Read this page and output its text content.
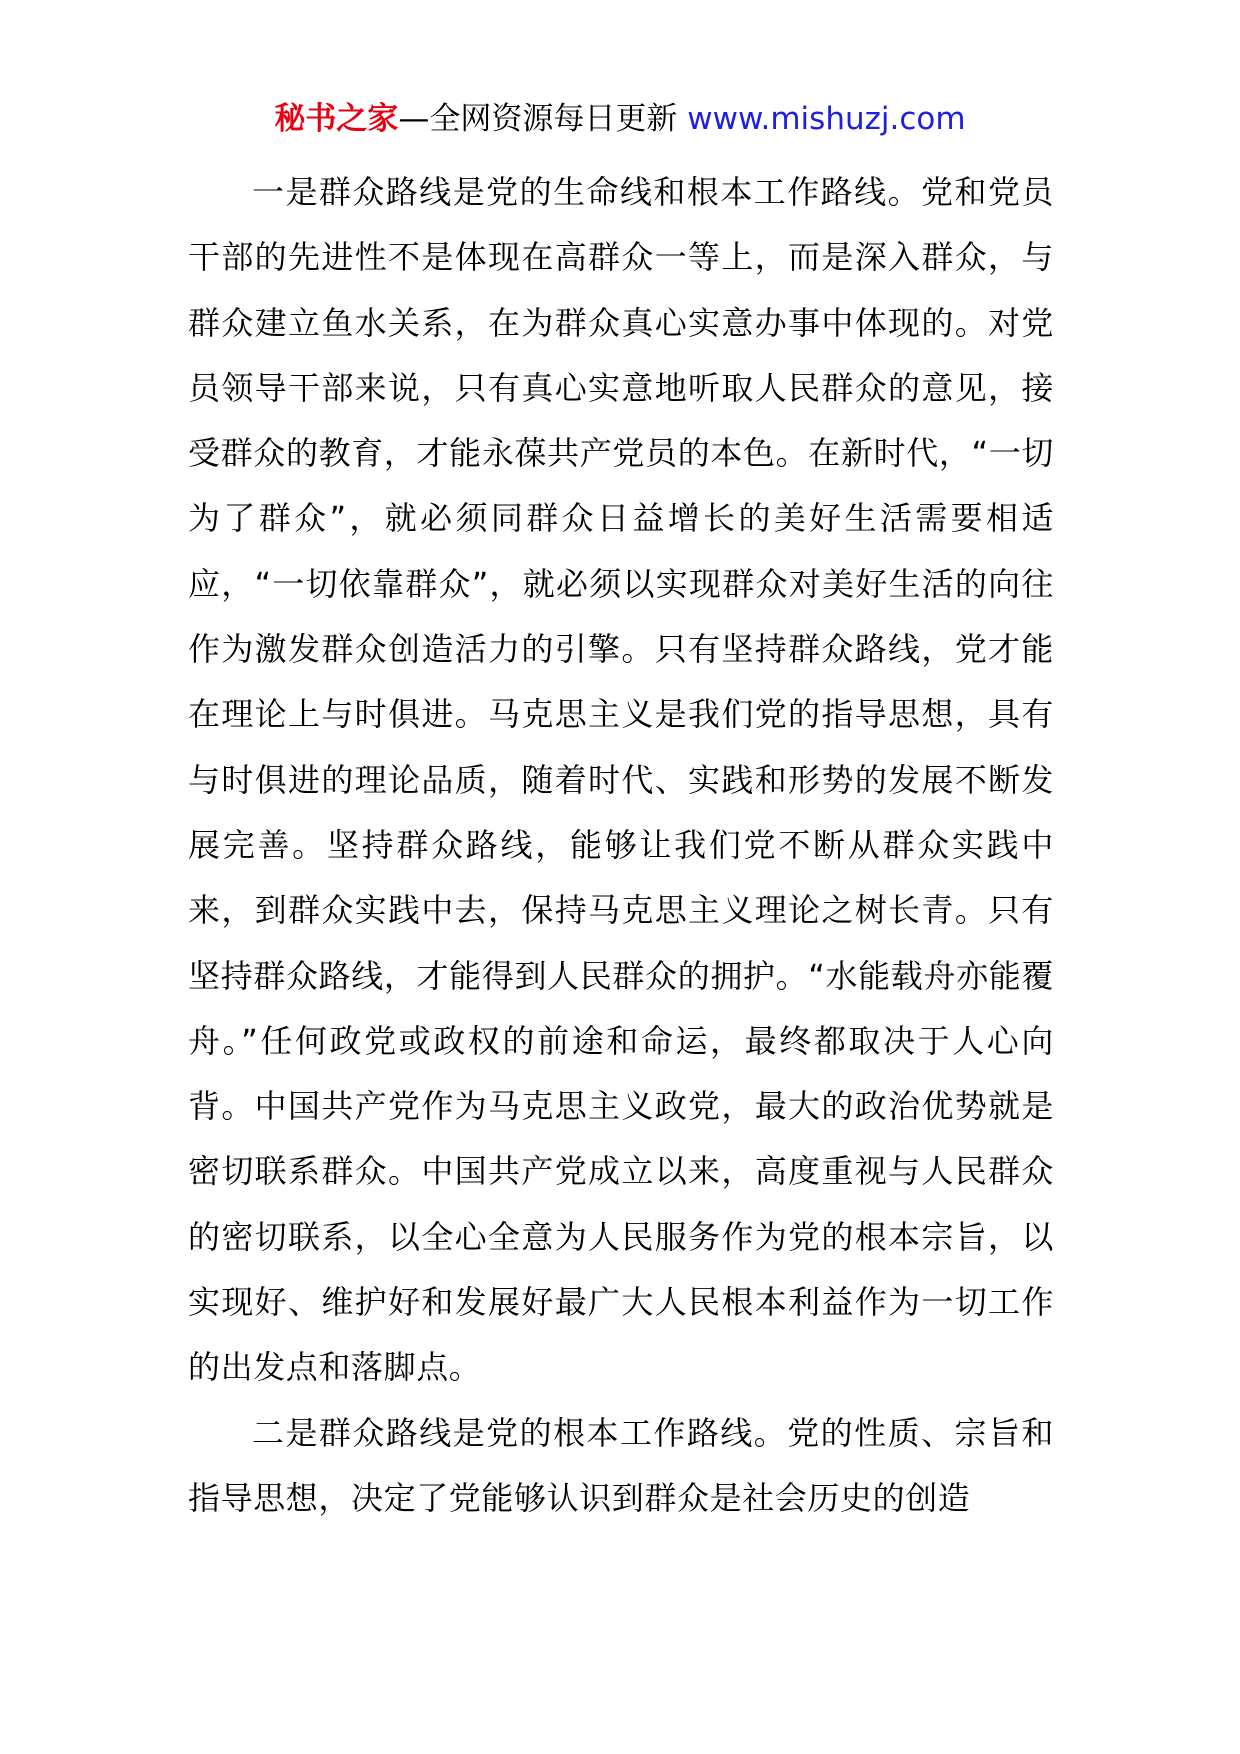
秘书之家—全网资源每日更新 www.mishuzj.com

一是群众路线是党的生命线和根本工作路线。党和党员干部的先进性不是体现在高群众一等上，而是深入群众，与群众建立鱼水关系，在为群众真心实意办事中体现的。对党员领导干部来说，只有真心实意地听取人民群众的意见，接受群众的教育，才能永葆共产党员的本色。在新时代，“一切为了群众”，就必须同群众日益增长的美好生活需要相适应，“一切依靠群众”，就必须以实现群众对美好生活的向往作为激发群众创造活力的引擎。只有坚持群众路线，党才能在理论上与时俱进。马克思主义是我们党的指导思想，具有与时俱进的理论品质，随着时代、实践和形势的发展不断发展完善。坚持群众路线，能够让我们党不断从群众实践中来，到群众实践中去，保持马克思主义理论之树长青。只有坚持群众路线，才能得到人民群众的拥护。“水能载舟亦能覆舟。”任何政党或政权的前途和命运，最终都取决于人心向背。中国共产党作为马克思主义政党，最大的政治优势就是密切联系群众。中国共产党成立以来，高度重视与人民群众的密切联系，以全心全意为人民服务作为党的根本宗旨，以实现好、维护好和发展好最广大人民根本利益作为一切工作的出发点和落脚点。

二是群众路线是党的根本工作路线。党的性质、宗旨和指导思想，决定了党能够认识到群众是社会历史的创造
